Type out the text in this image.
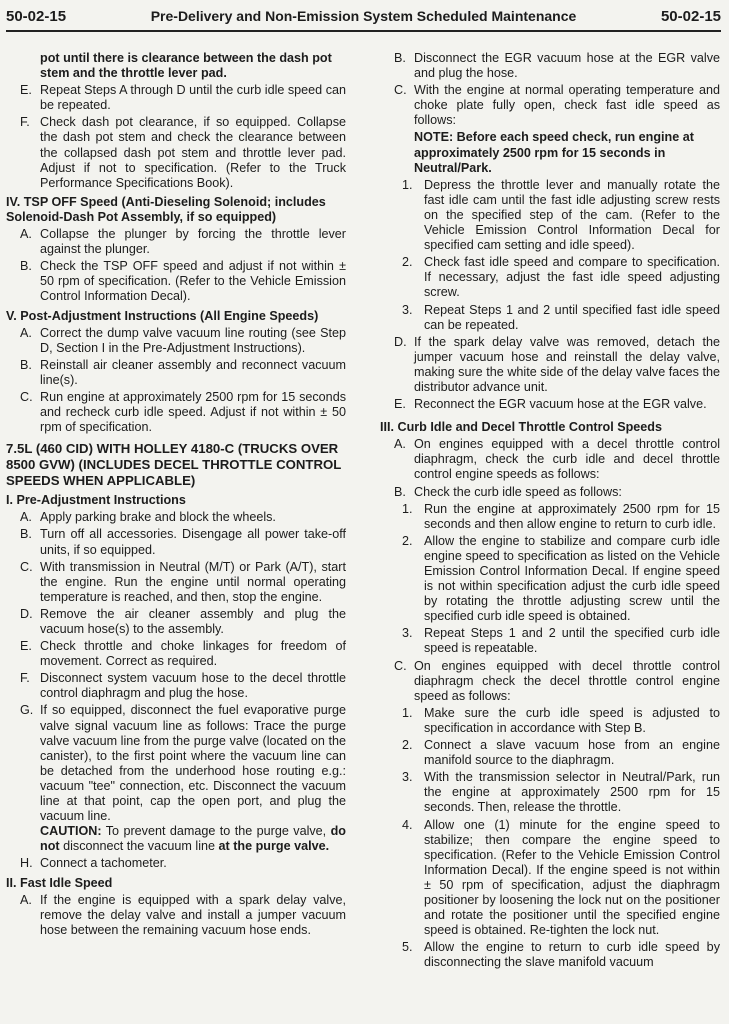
50-02-15	Pre-Delivery and Non-Emission System Scheduled Maintenance	50-02-15
pot until there is clearance between the dash pot stem and the throttle lever pad.
E. Repeat Steps A through D until the curb idle speed can be repeated.
F. Check dash pot clearance, if so equipped. Collapse the dash pot stem and check the clearance between the collapsed dash pot stem and throttle lever pad. Adjust if not to specification. (Refer to the Truck Performance Specifications Book).
IV. TSP OFF Speed (Anti-Dieseling Solenoid; includes Solenoid-Dash Pot Assembly, if so equipped)
A. Collapse the plunger by forcing the throttle lever against the plunger.
B. Check the TSP OFF speed and adjust if not within ± 50 rpm of specification. (Refer to the Vehicle Emission Control Information Decal).
V. Post-Adjustment Instructions (All Engine Speeds)
A. Correct the dump valve vacuum line routing (see Step D, Section I in the Pre-Adjustment Instructions).
B. Reinstall air cleaner assembly and reconnect vacuum line(s).
C. Run engine at approximately 2500 rpm for 15 seconds and recheck curb idle speed. Adjust if not within ± 50 rpm of specification.
7.5L (460 CID) WITH HOLLEY 4180-C (TRUCKS OVER 8500 GVW) (INCLUDES DECEL THROTTLE CONTROL SPEEDS WHEN APPLICABLE)
I. Pre-Adjustment Instructions
A. Apply parking brake and block the wheels.
B. Turn off all accessories. Disengage all power take-off units, if so equipped.
C. With transmission in Neutral (M/T) or Park (A/T), start the engine. Run the engine until normal operating temperature is reached, and then, stop the engine.
D. Remove the air cleaner assembly and plug the vacuum hose(s) to the assembly.
E. Check throttle and choke linkages for freedom of movement. Correct as required.
F. Disconnect system vacuum hose to the decel throttle control diaphragm and plug the hose.
G. If so equipped, disconnect the fuel evaporative purge valve signal vacuum line as follows: Trace the purge valve vacuum line from the purge valve (located on the canister), to the first point where the vacuum line can be detached from the underhood hose routing e.g.: vacuum "tee" connection, etc. Disconnect the vacuum line at that point, cap the open port, and plug the vacuum line.
CAUTION: To prevent damage to the purge valve, do not disconnect the vacuum line at the purge valve.
H. Connect a tachometer.
II. Fast Idle Speed
A. If the engine is equipped with a spark delay valve, remove the delay valve and install a jumper vacuum hose between the remaining vacuum hose ends.
B. Disconnect the EGR vacuum hose at the EGR valve and plug the hose.
C. With the engine at normal operating temperature and choke plate fully open, check fast idle speed as follows:
NOTE: Before each speed check, run engine at approximately 2500 rpm for 15 seconds in Neutral/Park.
1. Depress the throttle lever and manually rotate the fast idle cam until the fast idle adjusting screw rests on the specified step of the cam. (Refer to the Vehicle Emission Control Information Decal for specified cam setting and idle speed).
2. Check fast idle speed and compare to specification. If necessary, adjust the fast idle speed adjusting screw.
3. Repeat Steps 1 and 2 until specified fast idle speed can be repeated.
D. If the spark delay valve was removed, detach the jumper vacuum hose and reinstall the delay valve, making sure the white side of the delay valve faces the distributor advance unit.
E. Reconnect the EGR vacuum hose at the EGR valve.
III. Curb Idle and Decel Throttle Control Speeds
A. On engines equipped with a decel throttle control diaphragm, check the curb idle and decel throttle control engine speeds as follows:
B. Check the curb idle speed as follows:
1. Run the engine at approximately 2500 rpm for 15 seconds and then allow engine to return to curb idle.
2. Allow the engine to stabilize and compare curb idle engine speed to specification as listed on the Vehicle Emission Control Information Decal. If engine speed is not within specification adjust the curb idle speed by rotating the throttle adjusting screw until the specified curb idle speed is obtained.
3. Repeat Steps 1 and 2 until the specified curb idle speed is repeatable.
C. On engines equipped with decel throttle control diaphragm check the decel throttle control engine speed as follows:
1. Make sure the curb idle speed is adjusted to specification in accordance with Step B.
2. Connect a slave vacuum hose from an engine manifold source to the diaphragm.
3. With the transmission selector in Neutral/Park, run the engine at approximately 2500 rpm for 15 seconds. Then, release the throttle.
4. Allow one (1) minute for the engine speed to stabilize; then compare the engine speed to specification. (Refer to the Vehicle Emission Control Information Decal). If the engine speed is not within ± 50 rpm of specification, adjust the diaphragm positioner by loosening the lock nut on the positioner and rotate the positioner until the specified engine speed is obtained. Re-tighten the lock nut.
5. Allow the engine to return to curb idle speed by disconnecting the slave manifold vacuum
